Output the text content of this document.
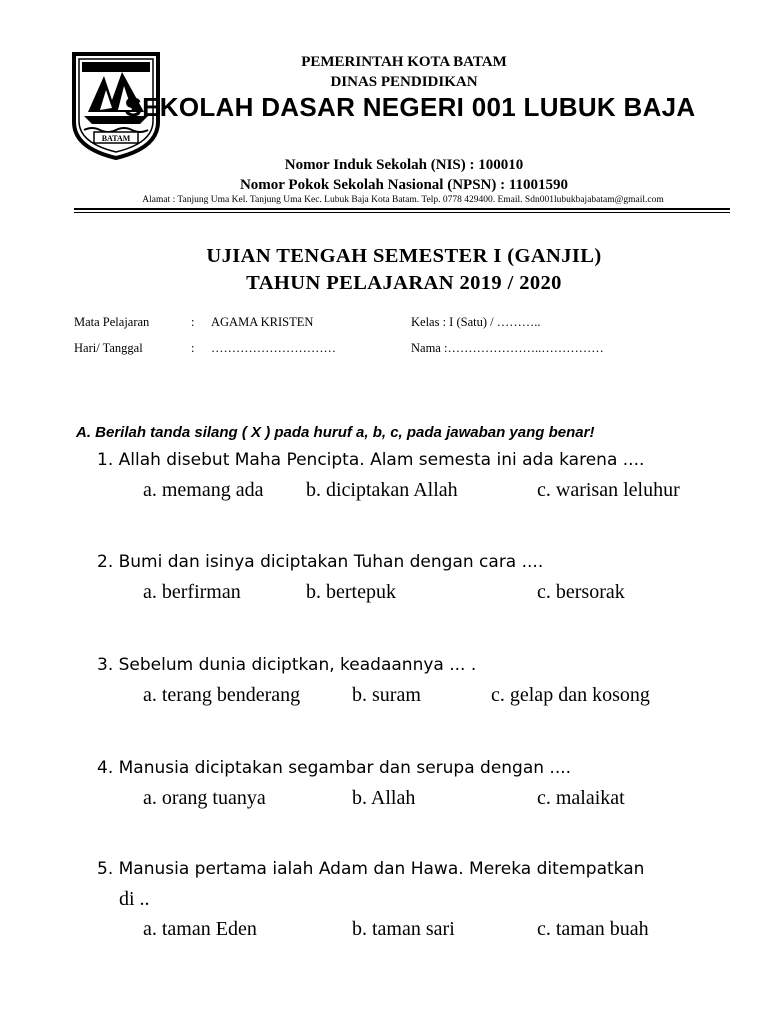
BATAM
PEMERINTAH KOTA BATAM
DINAS PENDIDIKAN
SEKOLAH DASAR NEGERI 001 LUBUK BAJA
Nomor Induk Sekolah (NIS) : 100010
Nomor Pokok Sekolah Nasional (NPSN) : 11001590
Alamat : Tanjung Uma Kel. Tanjung Uma Kec. Lubuk Baja Kota Batam. Telp. 0778 429400. Email. Sdn001lubukbajabatam@gmail.com
UJIAN TENGAH SEMESTER I (GANJIL)
TAHUN PELAJARAN 2019 / 2020
Mata Pelajaran	: AGAMA KRISTEN	Kelas : I (Satu) / ………..
Hari/ Tanggal	: …………………………	Nama :…………………..……………
A. Berilah tanda silang ( X ) pada huruf a, b, c, pada jawaban yang benar!
1. Allah disebut Maha Pencipta. Alam semesta ini ada karena ....
a. memang ada b. diciptakan Allah	c. warisan leluhur
2. Bumi dan isinya diciptakan Tuhan dengan cara ....
a. berfirman	b. bertepuk	c. bersorak
3. Sebelum dunia diciptkan, keadaannya ... .
a. terang benderang	b. suram	c. gelap dan kosong
4. Manusia diciptakan segambar dan serupa dengan ....
a. orang tuanya	b. Allah	c. malaikat
5. Manusia pertama ialah Adam dan Hawa. Mereka ditempatkan
di ..
a. taman Eden	b. taman sari	c. taman buah
